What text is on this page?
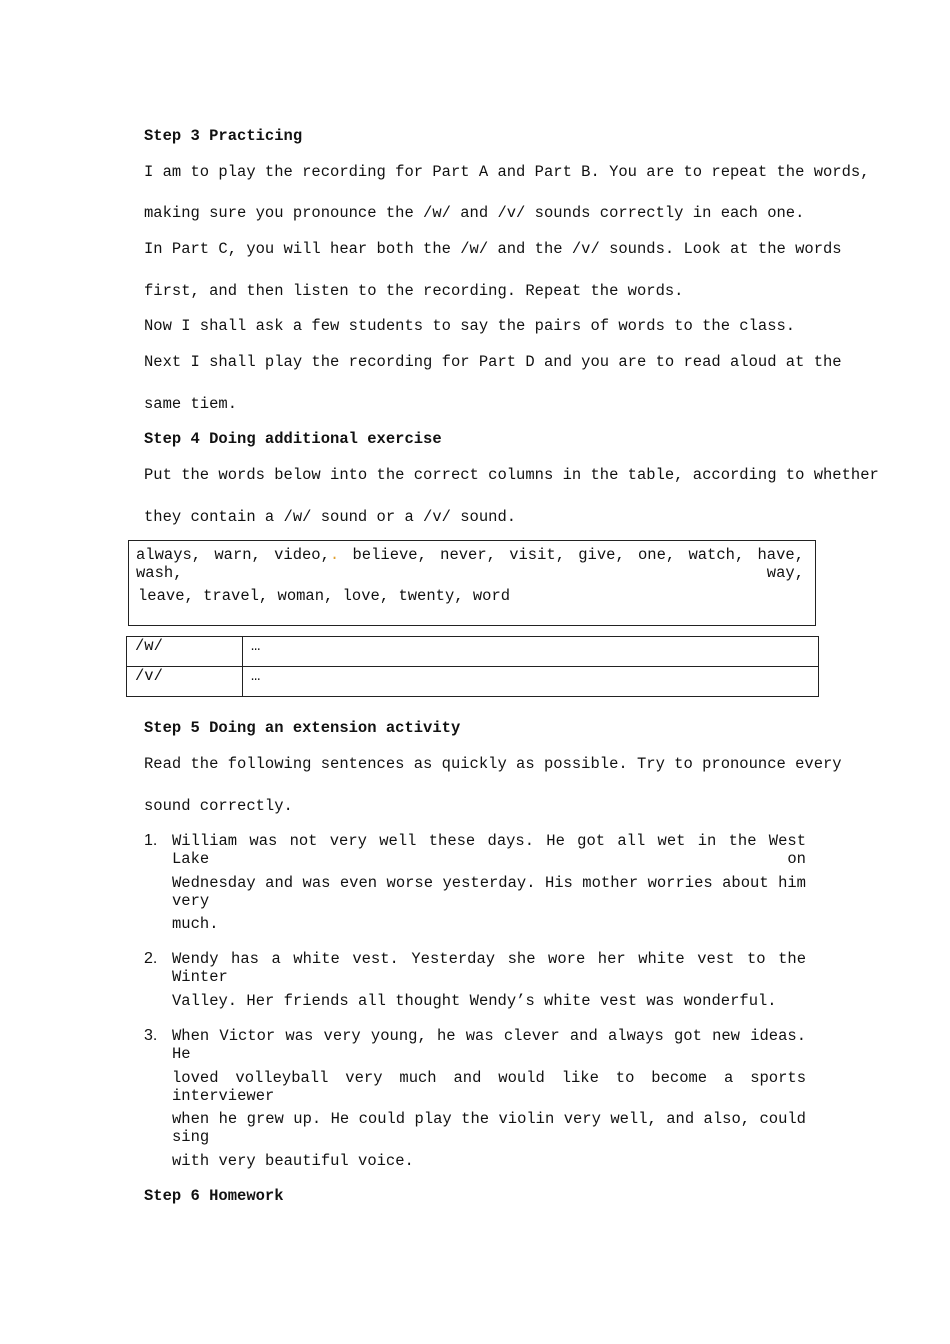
Step 3 Practicing
I am to play the recording for Part A and Part B. You are to repeat the words,
making sure you pronounce the /w/ and /v/ sounds correctly in each one.
In Part C, you will hear both the /w/ and the /v/ sounds. Look at the words
first, and then listen to the recording. Repeat the words.
Now I shall ask a few students to say the pairs of words to the class.
Next I shall play the recording for Part D and you are to read aloud at the
same tiem.
Step 4 Doing additional exercise
Put the words below into the correct columns in the table, according to whether
they contain a /w/ sound or a /v/ sound.
always, warn, video,. believe, never, visit, give, one, watch, have, wash, way,
leave, travel, woman, love, twenty, word
/w/	…
/v/	…
Step 5 Doing an extension activity
Read the following sentences as quickly as possible. Try to pronounce every
sound correctly.
1. William was not very well these days. He got all wet in the West Lake on
Wednesday and was even worse yesterday. His mother worries about him very
much.
2. Wendy has a white vest. Yesterday she wore her white vest to the Winter
Valley. Her friends all thought Wendy’s white vest was wonderful.
3. When Victor was very young, he was clever and always got new ideas. He
loved volleyball very much and would like to become a sports interviewer
when he grew up. He could play the violin very well, and also, could sing
with very beautiful voice.
Step 6 Homework
